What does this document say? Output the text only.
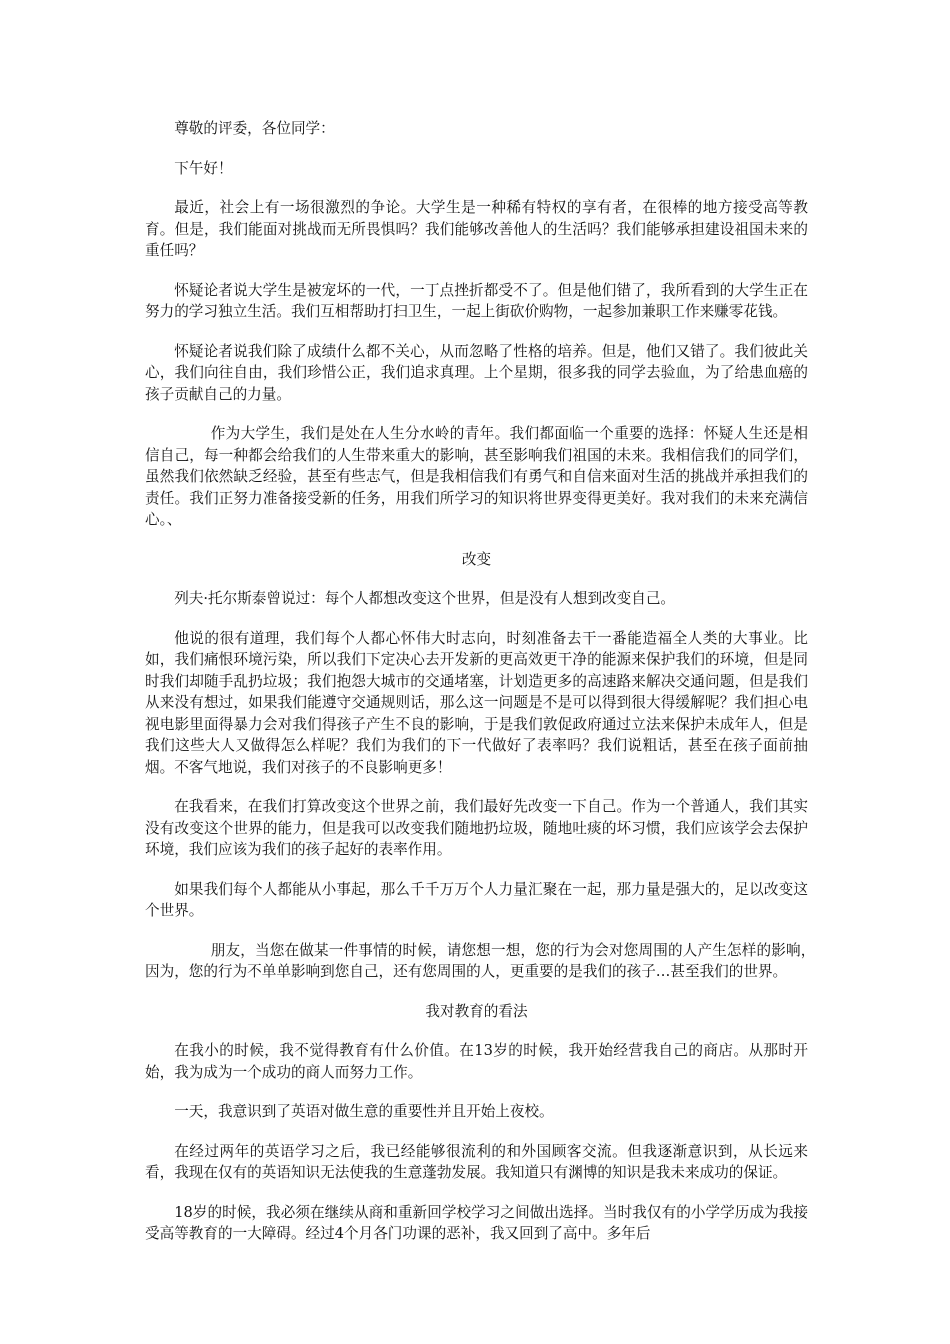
尊敬的评委，各位同学：

下午好！

最近，社会上有一场很激烈的争论。大学生是一种稀有特权的享有者，在很棒的地方接受高等教育。但是，我们能面对挑战而无所畏惧吗？我们能够改善他人的生活吗？我们能够承担建设祖国未来的重任吗？

怀疑论者说大学生是被宠坏的一代，一丁点挫折都受不了。但是他们错了，我所看到的大学生正在努力的学习独立生活。我们互相帮助打扫卫生，一起上街砍价购物，一起参加兼职工作来赚零花钱。

怀疑论者说我们除了成绩什么都不关心，从而忽略了性格的培养。但是，他们又错了。我们彼此关心，我们向往自由，我们珍惜公正，我们追求真理。上个星期，很多我的同学去验血，为了给患血癌的孩子贡献自己的力量。

作为大学生，我们是处在人生分水岭的青年。我们都面临一个重要的选择：怀疑人生还是相信自己，每一种都会给我们的人生带来重大的影响，甚至影响我们祖国的未来。我相信我们的同学们，虽然我们依然缺乏经验，甚至有些志气，但是我相信我们有勇气和自信来面对生活的挑战并承担我们的责任。我们正努力准备接受新的任务，用我们所学习的知识将世界变得更美好。我对我们的未来充满信心。、

改变

列夫·托尔斯泰曾说过：每个人都想改变这个世界，但是没有人想到改变自己。

他说的很有道理，我们每个人都心怀伟大时志向，时刻准备去干一番能造福全人类的大事业。比如，我们痛恨环境污染，所以我们下定决心去开发新的更高效更干净的能源来保护我们的环境，但是同时我们却随手乱扔垃圾；我们抱怨大城市的交通堵塞，计划造更多的高速路来解决交通问题，但是我们从来没有想过，如果我们能遵守交通规则话，那么这一问题是不是可以得到很大得缓解呢？我们担心电视电影里面得暴力会对我们得孩子产生不良的影响，于是我们敦促政府通过立法来保护未成年人，但是我们这些大人又做得怎么样呢？我们为我们的下一代做好了表率吗？我们说粗话，甚至在孩子面前抽烟。不客气地说，我们对孩子的不良影响更多！

在我看来，在我们打算改变这个世界之前，我们最好先改变一下自己。作为一个普通人，我们其实没有改变这个世界的能力，但是我可以改变我们随地扔垃圾，随地吐痰的坏习惯，我们应该学会去保护环境，我们应该为我们的孩子起好的表率作用。

如果我们每个人都能从小事起，那么千千万万个人力量汇聚在一起，那力量是强大的，足以改变这个世界。

朋友，当您在做某一件事情的时候，请您想一想，您的行为会对您周围的人产生怎样的影响，　因为，您的行为不单单影响到您自己，还有您周围的人，更重要的是我们的孩子…甚至我们的世界。

我对教育的看法

在我小的时候，我不觉得教育有什么价值。在13岁的时候，我开始经营我自己的商店。从那时开始，我为成为一个成功的商人而努力工作。

一天，我意识到了英语对做生意的重要性并且开始上夜校。

在经过两年的英语学习之后，我已经能够很流利的和外国顾客交流。但我逐渐意识到，从长远来看，我现在仅有的英语知识无法使我的生意蓬勃发展。我知道只有渊博的知识是我未来成功的保证。

18岁的时候，我必须在继续从商和重新回学校学习之间做出选择。当时我仅有的小学学历成为我接受高等教育的一大障碍。经过4个月各门功课的恶补，我又回到了高中。多年后
